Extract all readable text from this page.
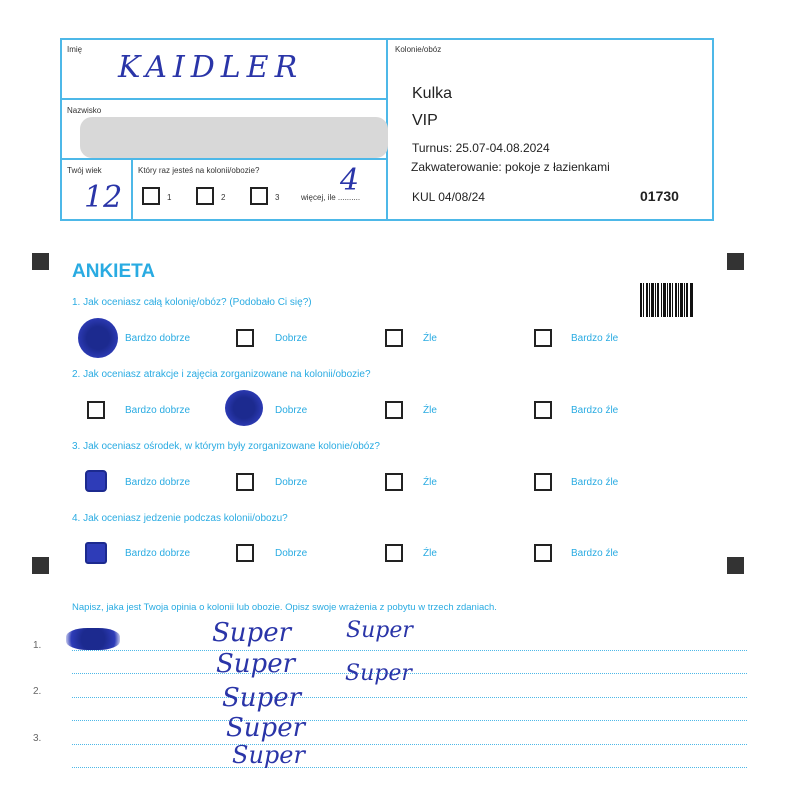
Imię
KAIDLER
Nazwisko
Twój wiek
12
Który raz jesteś na kolonii/obozie?
1	2	3	więcej, ile ..........
4
Kolonie/obóz
Kulka
VIP
Turnus: 25.07-04.08.2024
Zakwaterowanie: pokoje z łazienkami
KUL 04/08/24	01730
ANKIETA
1. Jak oceniasz całą kolonię/obóz? (Podobało Ci się?)
Bardzo dobrze	Dobrze	Źle	Bardzo źle
2. Jak oceniasz atrakcje i zajęcia zorganizowane na kolonii/obozie?
Bardzo dobrze	Dobrze	Źle	Bardzo źle
3. Jak oceniasz ośrodek, w którym były zorganizowane kolonie/obóz?
Bardzo dobrze	Dobrze	Źle	Bardzo źle
4. Jak oceniasz jedzenie podczas kolonii/obozu?
Bardzo dobrze	Dobrze	Źle	Bardzo źle
Napisz, jaka jest Twoja opinia o kolonii lub obozie. Opisz swoje wrażenia z pobytu w trzech zdaniach.
1.
2.
3.
Super Super
Super Super
Super
Super
Super
